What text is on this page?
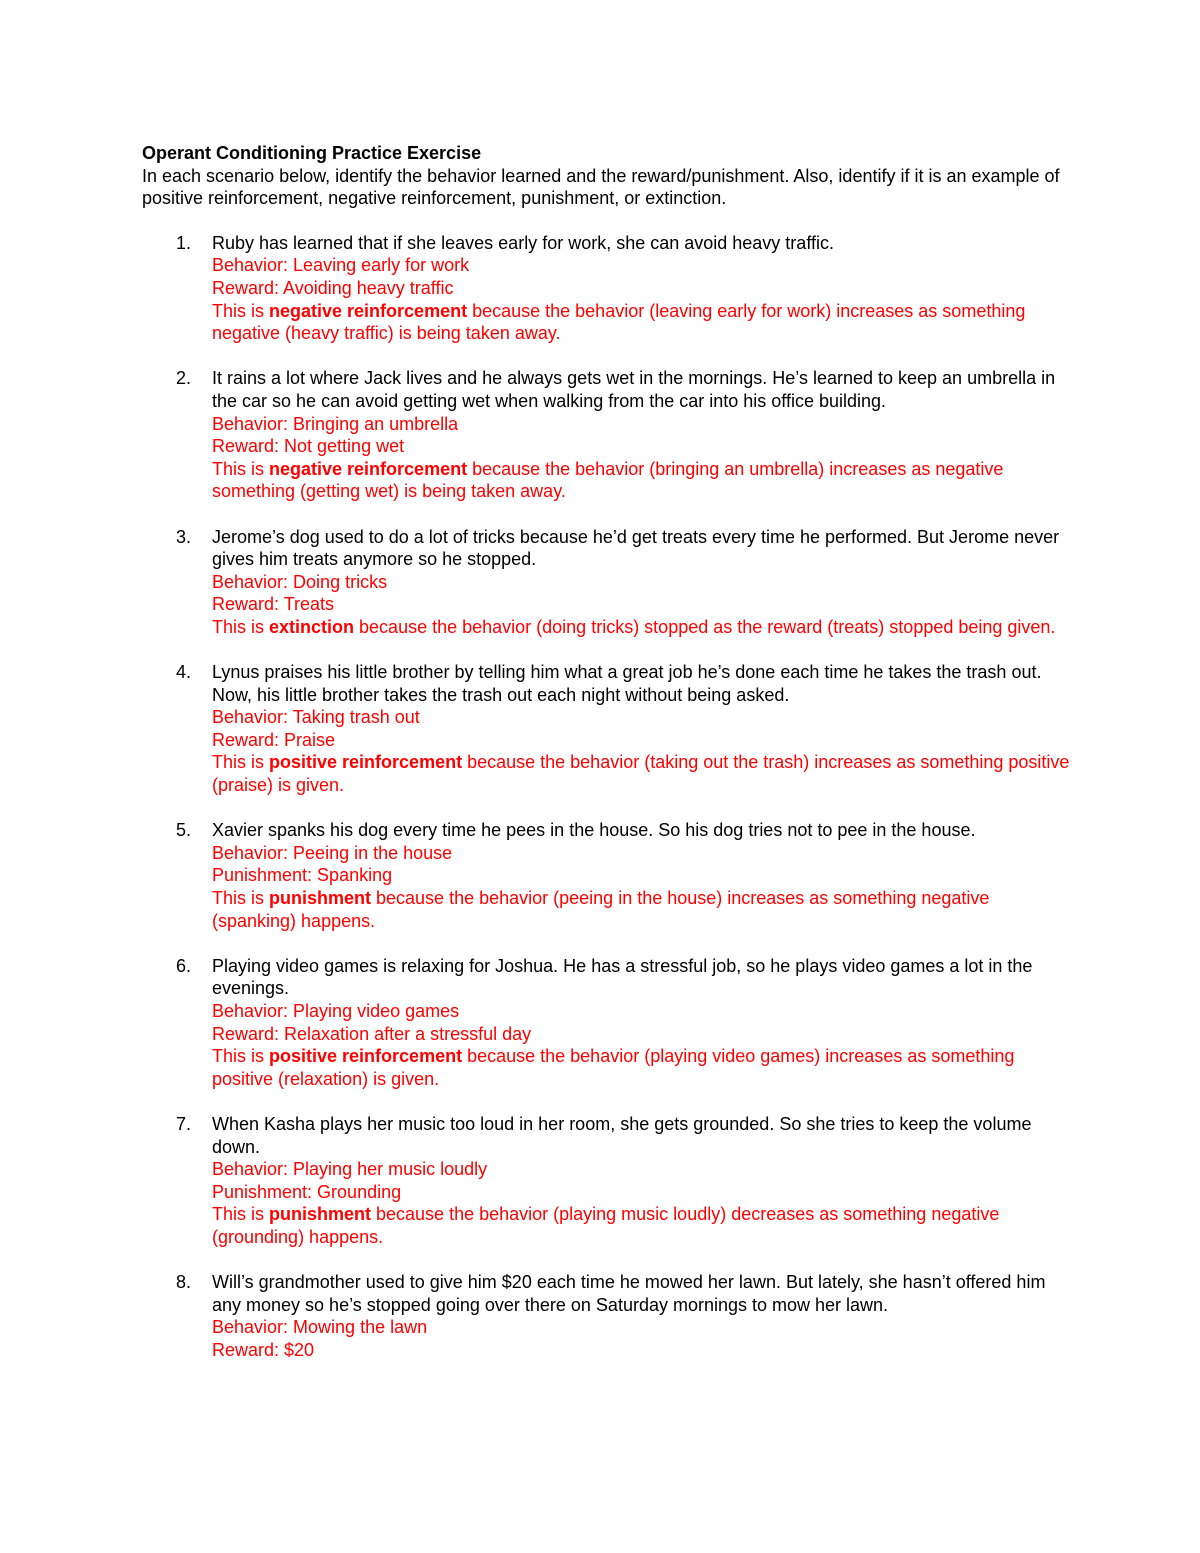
Operant Conditioning Practice Exercise

In each scenario below, identify the behavior learned and the reward/punishment. Also, identify if it is an example of positive reinforcement, negative reinforcement, punishment, or extinction.

1. Ruby has learned that if she leaves early for work, she can avoid heavy traffic.
Behavior: Leaving early for work
Reward: Avoiding heavy traffic
This is negative reinforcement because the behavior (leaving early for work) increases as something negative (heavy traffic) is being taken away.
2. It rains a lot where Jack lives and he always gets wet in the mornings. He’s learned to keep an umbrella in the car so he can avoid getting wet when walking from the car into his office building.
Behavior: Bringing an umbrella
Reward: Not getting wet
This is negative reinforcement because the behavior (bringing an umbrella) increases as negative something (getting wet) is being taken away.
3. Jerome’s dog used to do a lot of tricks because he’d get treats every time he performed. But Jerome never gives him treats anymore so he stopped.
Behavior: Doing tricks
Reward: Treats
This is extinction because the behavior (doing tricks) stopped as the reward (treats) stopped being given.
4. Lynus praises his little brother by telling him what a great job he’s done each time he takes the trash out. Now, his little brother takes the trash out each night without being asked.
Behavior: Taking trash out
Reward: Praise
This is positive reinforcement because the behavior (taking out the trash) increases as something positive (praise) is given.
5. Xavier spanks his dog every time he pees in the house. So his dog tries not to pee in the house.
Behavior: Peeing in the house
Punishment: Spanking
This is punishment because the behavior (peeing in the house) increases as something negative (spanking) happens.
6. Playing video games is relaxing for Joshua. He has a stressful job, so he plays video games a lot in the evenings.
Behavior: Playing video games
Reward: Relaxation after a stressful day
This is positive reinforcement because the behavior (playing video games) increases as something positive (relaxation) is given.
7. When Kasha plays her music too loud in her room, she gets grounded. So she tries to keep the volume down.
Behavior: Playing her music loudly
Punishment: Grounding
This is punishment because the behavior (playing music loudly) decreases as something negative (grounding) happens.
8. Will’s grandmother used to give him $20 each time he mowed her lawn. But lately, she hasn’t offered him any money so he’s stopped going over there on Saturday mornings to mow her lawn.
Behavior: Mowing the lawn
Reward: $20
